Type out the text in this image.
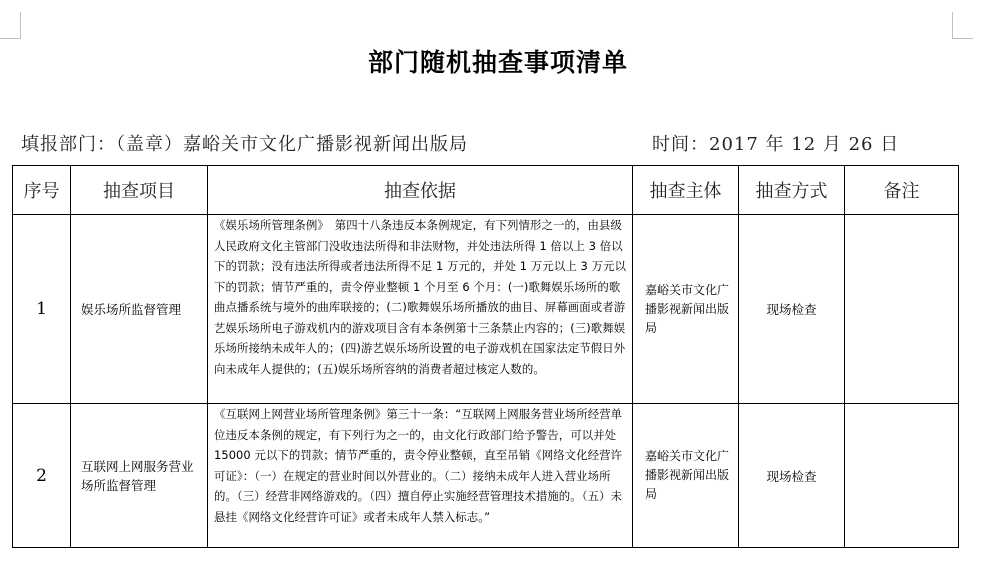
部门随机抽查事项清单
填报部门：（盖章）嘉峪关市文化广播影视新闻出版局	时间：2017 年 12 月 26 日
序号	抽查项目	抽查依据	抽查主体	抽查方式	备注
1	娱乐场所监督管理	《娱乐场所管理条例》　第四十八条违反本条例规定，有下列情形之一的，由县级人民政府文化主管部门没收违法所得和非法财物，并处违法所得 1 倍以上 3 倍以下的罚款；没有违法所得或者违法所得不足 1 万元的，并处 1 万元以上 3 万元以下的罚款；情节严重的，责令停业整顿 1 个月至 6 个月：(一)歌舞娱乐场所的歌曲点播系统与境外的曲库联接的；(二)歌舞娱乐场所播放的曲目、屏幕画面或者游艺娱乐场所电子游戏机内的游戏项目含有本条例第十三条禁止内容的；(三)歌舞娱乐场所接纳未成年人的；(四)游艺娱乐场所设置的电子游戏机在国家法定节假日外向未成年人提供的；(五)娱乐场所容纳的消费者超过核定人数的。	嘉峪关市文化广播影视新闻出版局	现场检查	
2	互联网上网服务营业场所监督管理	《互联网上网营业场所管理条例》第三十一条：“互联网上网服务营业场所经营单位违反本条例的规定，有下列行为之一的，由文化行政部门给予警告，可以并处 15000 元以下的罚款；情节严重的，责令停业整顿，直至吊销《网络文化经营许可证》：（一）在规定的营业时间以外营业的。（二）接纳未成年人进入营业场所的。（三）经营非网络游戏的。（四）擅自停止实施经营管理技术措施的。（五）未悬挂《网络文化经营许可证》或者未成年人禁入标志。”	嘉峪关市文化广播影视新闻出版局	现场检查	
